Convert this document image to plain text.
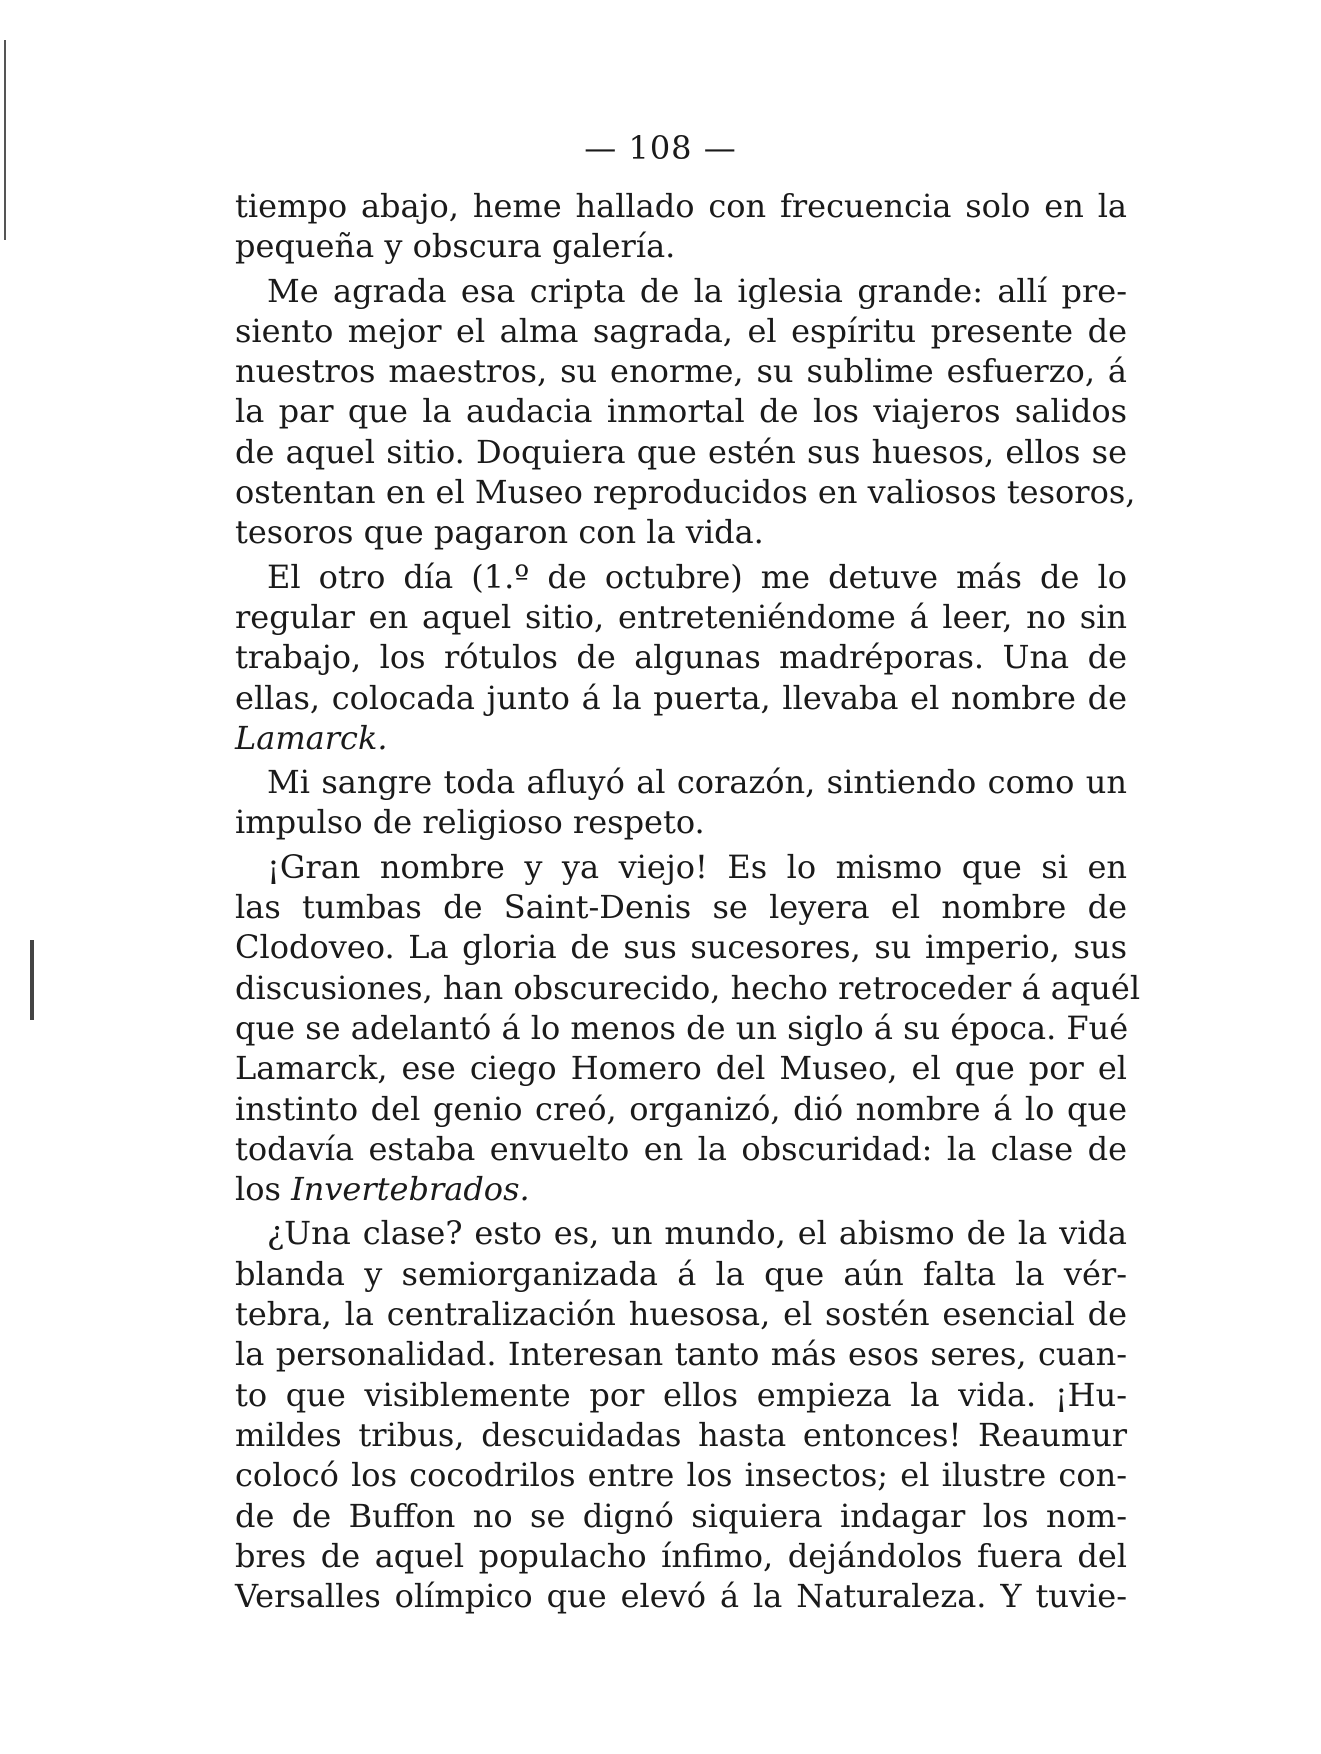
— 108 —
tiempo abajo, heme hallado con frecuencia solo en la
pequeña y obscura galería.
Me agrada esa cripta de la iglesia grande: allí pre-
siento mejor el alma sagrada, el espíritu presente de
nuestros maestros, su enorme, su sublime esfuerzo, á
la par que la audacia inmortal de los viajeros salidos
de aquel sitio. Doquiera que estén sus huesos, ellos se
ostentan en el Museo reproducidos en valiosos tesoros,
tesoros que pagaron con la vida.
El otro día (1.º de octubre) me detuve más de lo
regular en aquel sitio, entreteniéndome á leer, no sin
trabajo, los rótulos de algunas madréporas. Una de
ellas, colocada junto á la puerta, llevaba el nombre de
Lamarck.
Mi sangre toda afluyó al corazón, sintiendo como un
impulso de religioso respeto.
¡Gran nombre y ya viejo! Es lo mismo que si en
las tumbas de Saint-Denis se leyera el nombre de
Clodoveo. La gloria de sus sucesores, su imperio, sus
discusiones, han obscurecido, hecho retroceder á aquél
que se adelantó á lo menos de un siglo á su época. Fué
Lamarck, ese ciego Homero del Museo, el que por el
instinto del genio creó, organizó, dió nombre á lo que
todavía estaba envuelto en la obscuridad: la clase de
los Invertebrados.
¿Una clase? esto es, un mundo, el abismo de la vida
blanda y semiorganizada á la que aún falta la vér-
tebra, la centralización huesosa, el sostén esencial de
la personalidad. Interesan tanto más esos seres, cuan-
to que visiblemente por ellos empieza la vida. ¡Hu-
mildes tribus, descuidadas hasta entonces! Reaumur
colocó los cocodrilos entre los insectos; el ilustre con-
de de Buffon no se dignó siquiera indagar los nom-
bres de aquel populacho ínfimo, dejándolos fuera del
Versalles olímpico que elevó á la Naturaleza. Y tuvie-
